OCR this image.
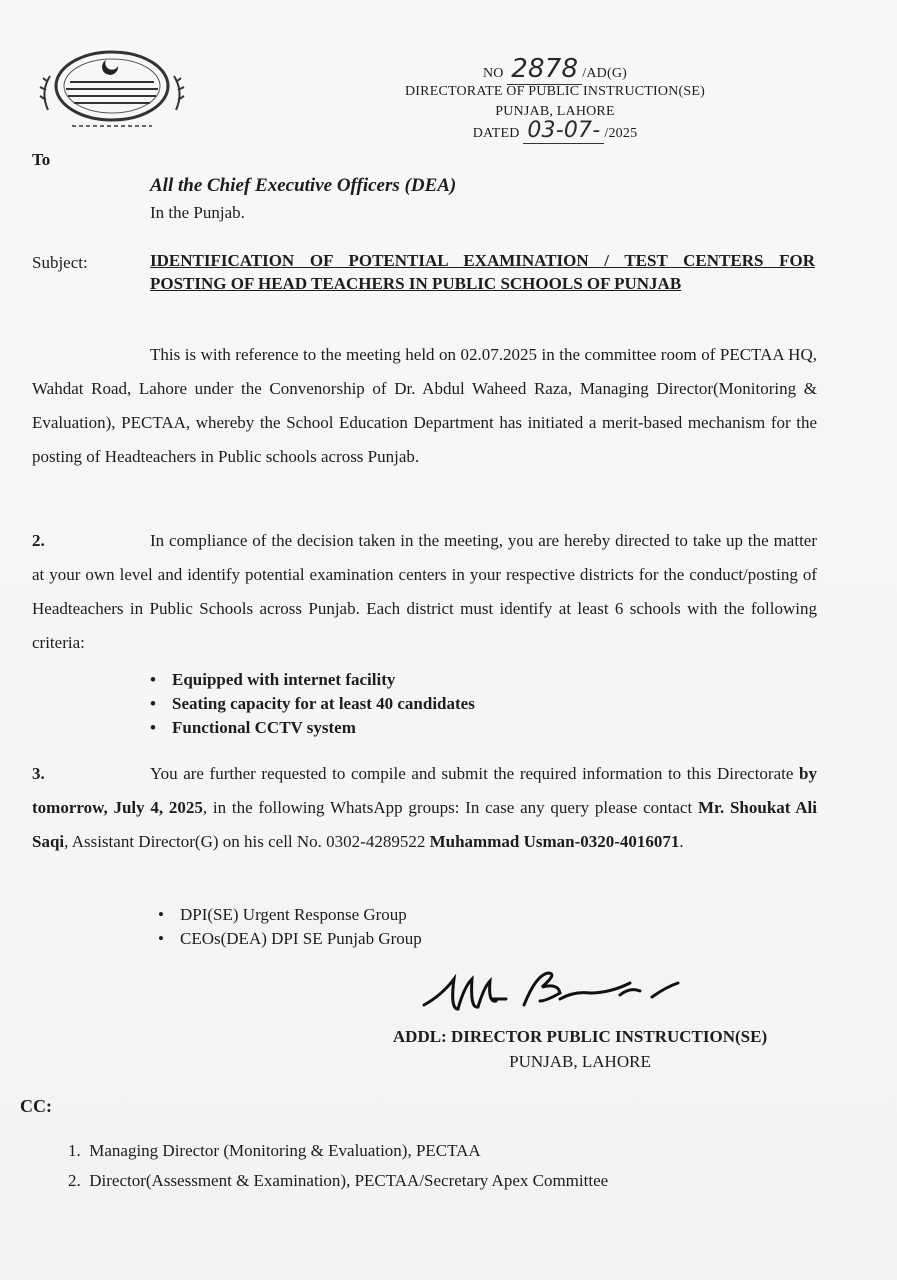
NO 2878 /AD(G)
DIRECTORATE OF PUBLIC INSTRUCTION(SE)
PUNJAB, LAHORE
DATED 03-07- /2025
To
All the Chief Executive Officers (DEA)
In the Punjab.
Subject:	IDENTIFICATION OF POTENTIAL EXAMINATION / TEST CENTERS FOR POSTING OF HEAD TEACHERS IN PUBLIC SCHOOLS OF PUNJAB
This is with reference to the meeting held on 02.07.2025 in the committee room of PECTAA HQ, Wahdat Road, Lahore under the Convenorship of Dr. Abdul Waheed Raza, Managing Director(Monitoring & Evaluation), PECTAA, whereby the School Education Department has initiated a merit-based mechanism for the posting of Headteachers in Public schools across Punjab.
2.	In compliance of the decision taken in the meeting, you are hereby directed to take up the matter at your own level and identify potential examination centers in your respective districts for the conduct/posting of Headteachers in Public Schools across Punjab. Each district must identify at least 6 schools with the following criteria:
• Equipped with internet facility
• Seating capacity for at least 40 candidates
• Functional CCTV system
3.	You are further requested to compile and submit the required information to this Directorate by tomorrow, July 4, 2025, in the following WhatsApp groups: In case any query please contact Mr. Shoukat Ali Saqi, Assistant Director(G) on his cell No. 0302-4289522 Muhammad Usman-0320-4016071.
• DPI(SE) Urgent Response Group
• CEOs(DEA) DPI SE Punjab Group
ADDL: DIRECTOR PUBLIC INSTRUCTION(SE)
PUNJAB, LAHORE
CC:
1.  Managing Director (Monitoring & Evaluation), PECTAA
2.  Director(Assessment & Examination), PECTAA/Secretary Apex Committee
